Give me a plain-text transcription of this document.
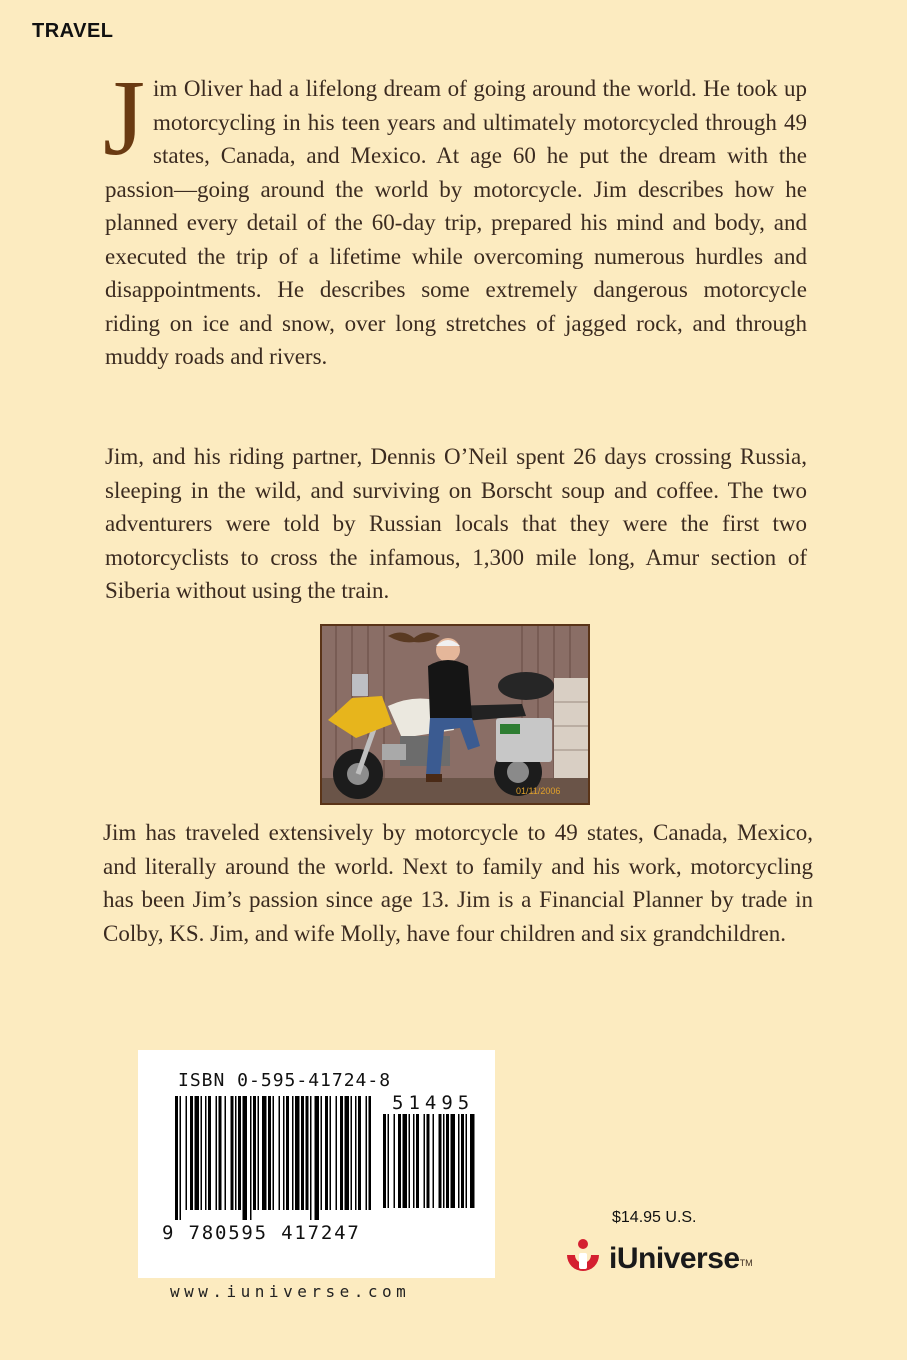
TRAVEL

Jim Oliver had a lifelong dream of going around the world. He took up motorcycling in his teen years and ultimately motorcycled through 49 states, Canada, and Mexico. At age 60 he put the dream with the passion—going around the world by motorcycle. Jim describes how he planned every detail of the 60-day trip, prepared his mind and body, and executed the trip of a lifetime while overcoming numerous hurdles and disappointments. He describes some extremely dangerous motorcycle riding on ice and snow, over long stretches of jagged rock, and through muddy roads and rivers.

Jim, and his riding partner, Dennis O’Neil spent 26 days crossing Russia, sleeping in the wild, and surviving on Borscht soup and coffee. The two adventurers were told by Russian locals that they were the first two motorcyclists to cross the infamous, 1,300 mile long, Amur section of Siberia without using the train.

01/11/2006

Jim has traveled extensively by motorcycle to 49 states, Canada, Mexico, and literally around the world. Next to family and his work, motorcycling has been Jim’s passion since age 13. Jim is a Financial Planner by trade in Colby, KS. Jim, and wife Molly, have four children and six grandchildren.

ISBN 0-595-41724-8
51495
9 780595 417247
www.iuniverse.com
$14.95 U.S.
iUniverse TM
